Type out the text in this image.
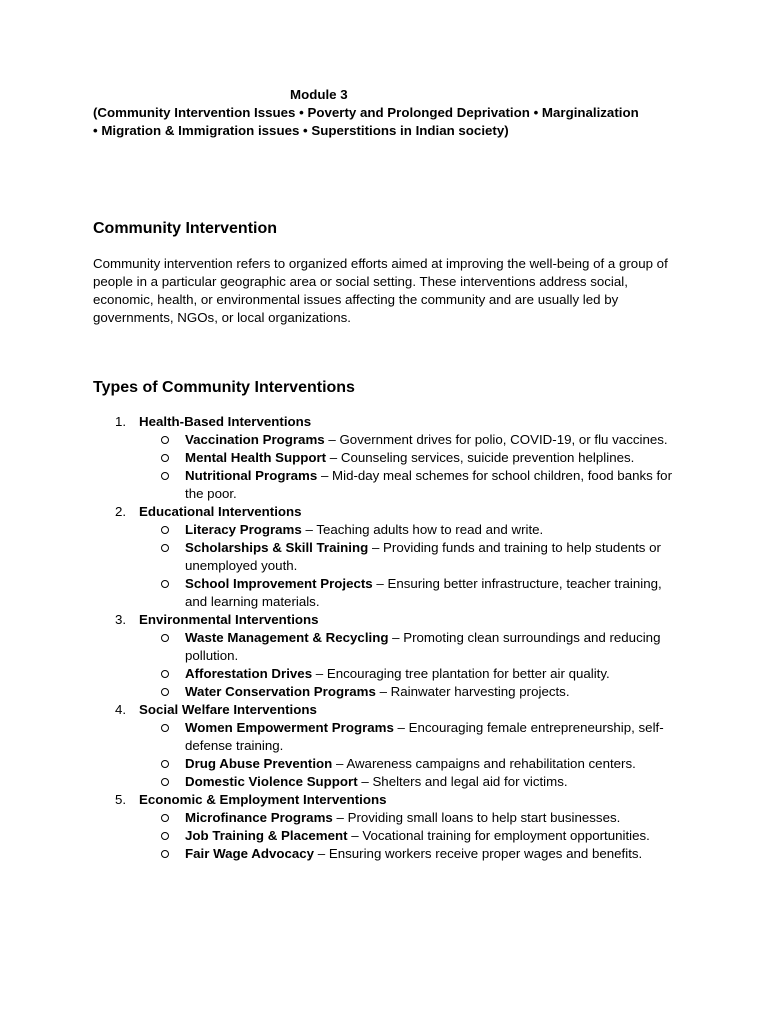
Module 3

(Community Intervention Issues • Poverty and Prolonged Deprivation • Marginalization
• Migration & Immigration issues • Superstitions in Indian society)

Community Intervention

Community intervention refers to organized efforts aimed at improving the well-being of a group of people in a particular geographic area or social setting. These interventions address social, economic, health, or environmental issues affecting the community and are usually led by governments, NGOs, or local organizations.

Types of Community Interventions
1. Health-Based Interventions
Vaccination Programs – Government drives for polio, COVID-19, or flu vaccines.
Mental Health Support – Counseling services, suicide prevention helplines.
Nutritional Programs – Mid-day meal schemes for school children, food banks for the poor.
2. Educational Interventions
Literacy Programs – Teaching adults how to read and write.
Scholarships & Skill Training – Providing funds and training to help students or unemployed youth.
School Improvement Projects – Ensuring better infrastructure, teacher training, and learning materials.
3. Environmental Interventions
Waste Management & Recycling – Promoting clean surroundings and reducing pollution.
Afforestation Drives – Encouraging tree plantation for better air quality.
Water Conservation Programs – Rainwater harvesting projects.
4. Social Welfare Interventions
Women Empowerment Programs – Encouraging female entrepreneurship, self-defense training.
Drug Abuse Prevention – Awareness campaigns and rehabilitation centers.
Domestic Violence Support – Shelters and legal aid for victims.
5. Economic & Employment Interventions
Microfinance Programs – Providing small loans to help start businesses.
Job Training & Placement – Vocational training for employment opportunities.
Fair Wage Advocacy – Ensuring workers receive proper wages and benefits.
